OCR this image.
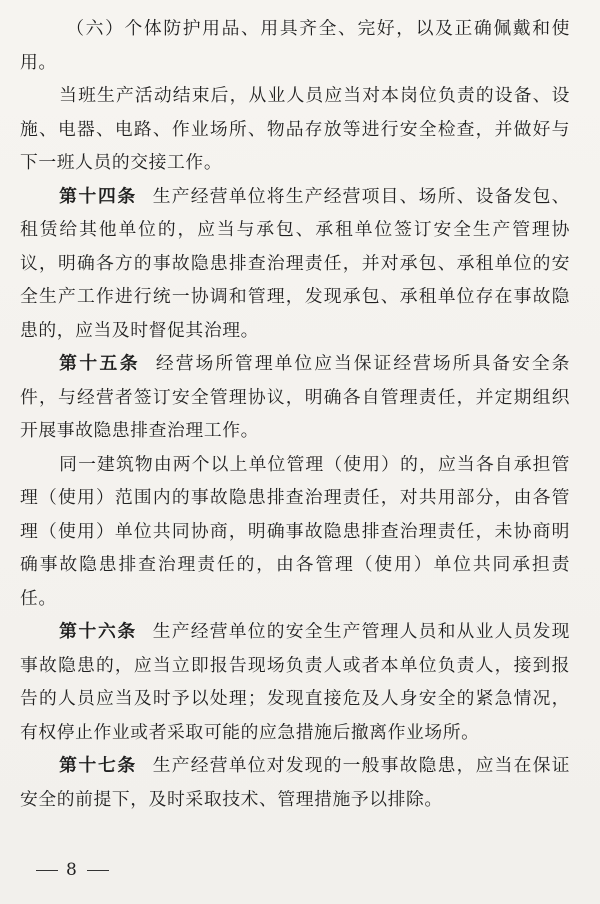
（六）个体防护用品、用具齐全、完好，以及正确佩戴和使用。

当班生产活动结束后，从业人员应当对本岗位负责的设备、设施、电器、电路、作业场所、物品存放等进行安全检查，并做好与下一班人员的交接工作。

第十四条 生产经营单位将生产经营项目、场所、设备发包、租赁给其他单位的，应当与承包、承租单位签订安全生产管理协议，明确各方的事故隐患排查治理责任，并对承包、承租单位的安全生产工作进行统一协调和管理，发现承包、承租单位存在事故隐患的，应当及时督促其治理。

第十五条 经营场所管理单位应当保证经营场所具备安全条件，与经营者签订安全管理协议，明确各自管理责任，并定期组织开展事故隐患排查治理工作。

同一建筑物由两个以上单位管理（使用）的，应当各自承担管理（使用）范围内的事故隐患排查治理责任，对共用部分，由各管理（使用）单位共同协商，明确事故隐患排查治理责任，未协商明确事故隐患排查治理责任的，由各管理（使用）单位共同承担责任。

第十六条 生产经营单位的安全生产管理人员和从业人员发现事故隐患的，应当立即报告现场负责人或者本单位负责人，接到报告的人员应当及时予以处理；发现直接危及人身安全的紧急情况，有权停止作业或者采取可能的应急措施后撤离作业场所。

第十七条 生产经营单位对发现的一般事故隐患，应当在保证安全的前提下，及时采取技术、管理措施予以排除。

8
